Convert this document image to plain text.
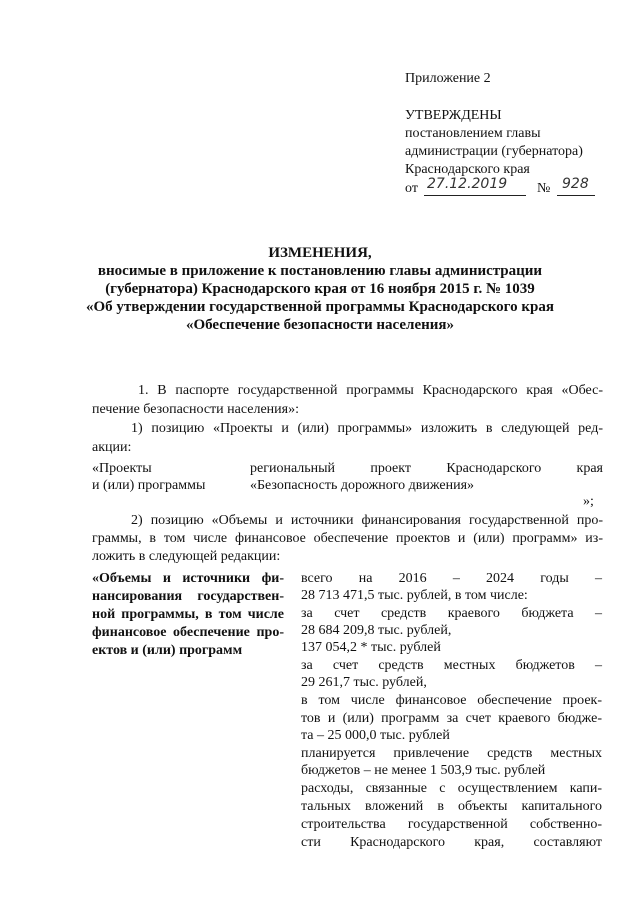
Приложение 2
УТВЕРЖДЕНЫ
постановлением главы
администрации (губернатора)
Краснодарского края
от 27.12.2019 № 928
ИЗМЕНЕНИЯ,
вносимые в приложение к постановлению главы администрации
(губернатора) Краснодарского края от 16 ноября 2015 г. № 1039
«Об утверждении государственной программы Краснодарского края
«Обеспечение безопасности населения»
1. В паспорте государственной программы Краснодарского края «Обес-
печение безопасности населения»:
1) позицию «Проекты и (или) программы» изложить в следующей ред-
акции:
«Проекты
и (или) программы
региональный проект Краснодарского края
«Безопасность дорожного движения»
»;
2) позицию «Объемы и источники финансирования государственной про-
граммы, в том числе финансовое обеспечение проектов и (или) программ» из-
ложить в следующей редакции:
«Объемы и источники фи-
нансирования государствен-
ной программы, в том числе
финансовое обеспечение про-
ектов и (или) программ
всего на 2016 – 2024 годы –
28 713 471,5 тыс. рублей, в том числе:
за счет средств краевого бюджета –
28 684 209,8 тыс. рублей,
137 054,2 * тыс. рублей
за счет средств местных бюджетов –
29 261,7 тыс. рублей,
в том числе финансовое обеспечение проек-
тов и (или) программ за счет краевого бюдже-
та – 25 000,0 тыс. рублей
планируется привлечение средств местных
бюджетов – не менее 1 503,9 тыс. рублей
расходы, связанные с осуществлением капи-
тальных вложений в объекты капитального
строительства государственной собственно-
сти Краснодарского края, составляют
